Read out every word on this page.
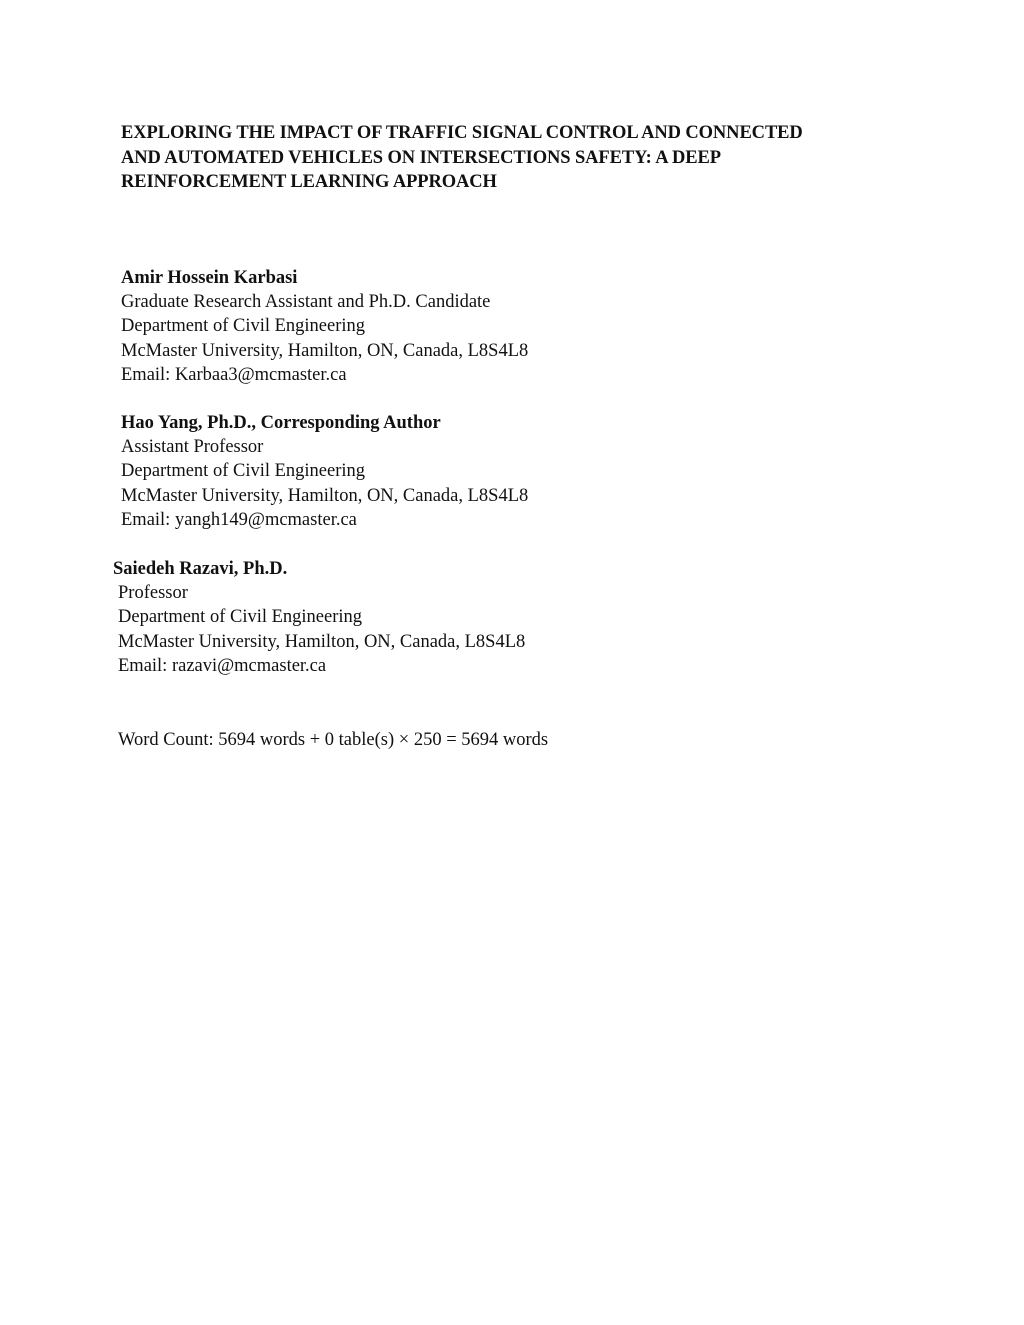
EXPLORING THE IMPACT OF TRAFFIC SIGNAL CONTROL AND CONNECTED
AND AUTOMATED VEHICLES ON INTERSECTIONS SAFETY: A DEEP
REINFORCEMENT LEARNING APPROACH
Amir Hossein Karbasi
Graduate Research Assistant and Ph.D. Candidate
Department of Civil Engineering
McMaster University, Hamilton, ON, Canada, L8S4L8
Email: Karbaa3@mcmaster.ca
Hao Yang, Ph.D., Corresponding Author
Assistant Professor
Department of Civil Engineering
McMaster University, Hamilton, ON, Canada, L8S4L8
Email: yangh149@mcmaster.ca
Saiedeh Razavi, Ph.D.
Professor
Department of Civil Engineering
McMaster University, Hamilton, ON, Canada, L8S4L8
Email: razavi@mcmaster.ca
Word Count: 5694 words + 0 table(s) × 250 = 5694 words
